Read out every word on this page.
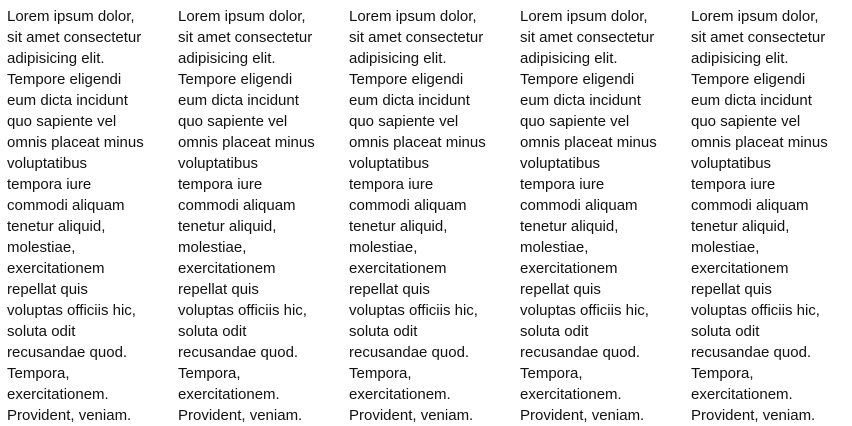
Lorem ipsum dolor,
sit amet consectetur
adipisicing elit.
Tempore eligendi
eum dicta incidunt
quo sapiente vel
omnis placeat minus
voluptatibus
tempora iure
commodi aliquam
tenetur aliquid,
molestiae,
exercitationem
repellat quis
voluptas officiis hic,
soluta odit
recusandae quod.
Tempora,
exercitationem.
Provident, veniam.

Lorem ipsum dolor,
sit amet consectetur
adipisicing elit.
Tempore eligendi
eum dicta incidunt
quo sapiente vel
omnis placeat minus
voluptatibus
tempora iure
commodi aliquam
tenetur aliquid,
molestiae,
exercitationem
repellat quis
voluptas officiis hic,
soluta odit
recusandae quod.
Tempora,
exercitationem.
Provident, veniam.

Lorem ipsum dolor,
sit amet consectetur
adipisicing elit.
Tempore eligendi
eum dicta incidunt
quo sapiente vel
omnis placeat minus
voluptatibus
tempora iure
commodi aliquam
tenetur aliquid,
molestiae,
exercitationem
repellat quis
voluptas officiis hic,
soluta odit
recusandae quod.
Tempora,
exercitationem.
Provident, veniam.

Lorem ipsum dolor,
sit amet consectetur
adipisicing elit.
Tempore eligendi
eum dicta incidunt
quo sapiente vel
omnis placeat minus
voluptatibus
tempora iure
commodi aliquam
tenetur aliquid,
molestiae,
exercitationem
repellat quis
voluptas officiis hic,
soluta odit
recusandae quod.
Tempora,
exercitationem.
Provident, veniam.

Lorem ipsum dolor,
sit amet consectetur
adipisicing elit.
Tempore eligendi
eum dicta incidunt
quo sapiente vel
omnis placeat minus
voluptatibus
tempora iure
commodi aliquam
tenetur aliquid,
molestiae,
exercitationem
repellat quis
voluptas officiis hic,
soluta odit
recusandae quod.
Tempora,
exercitationem.
Provident, veniam.
